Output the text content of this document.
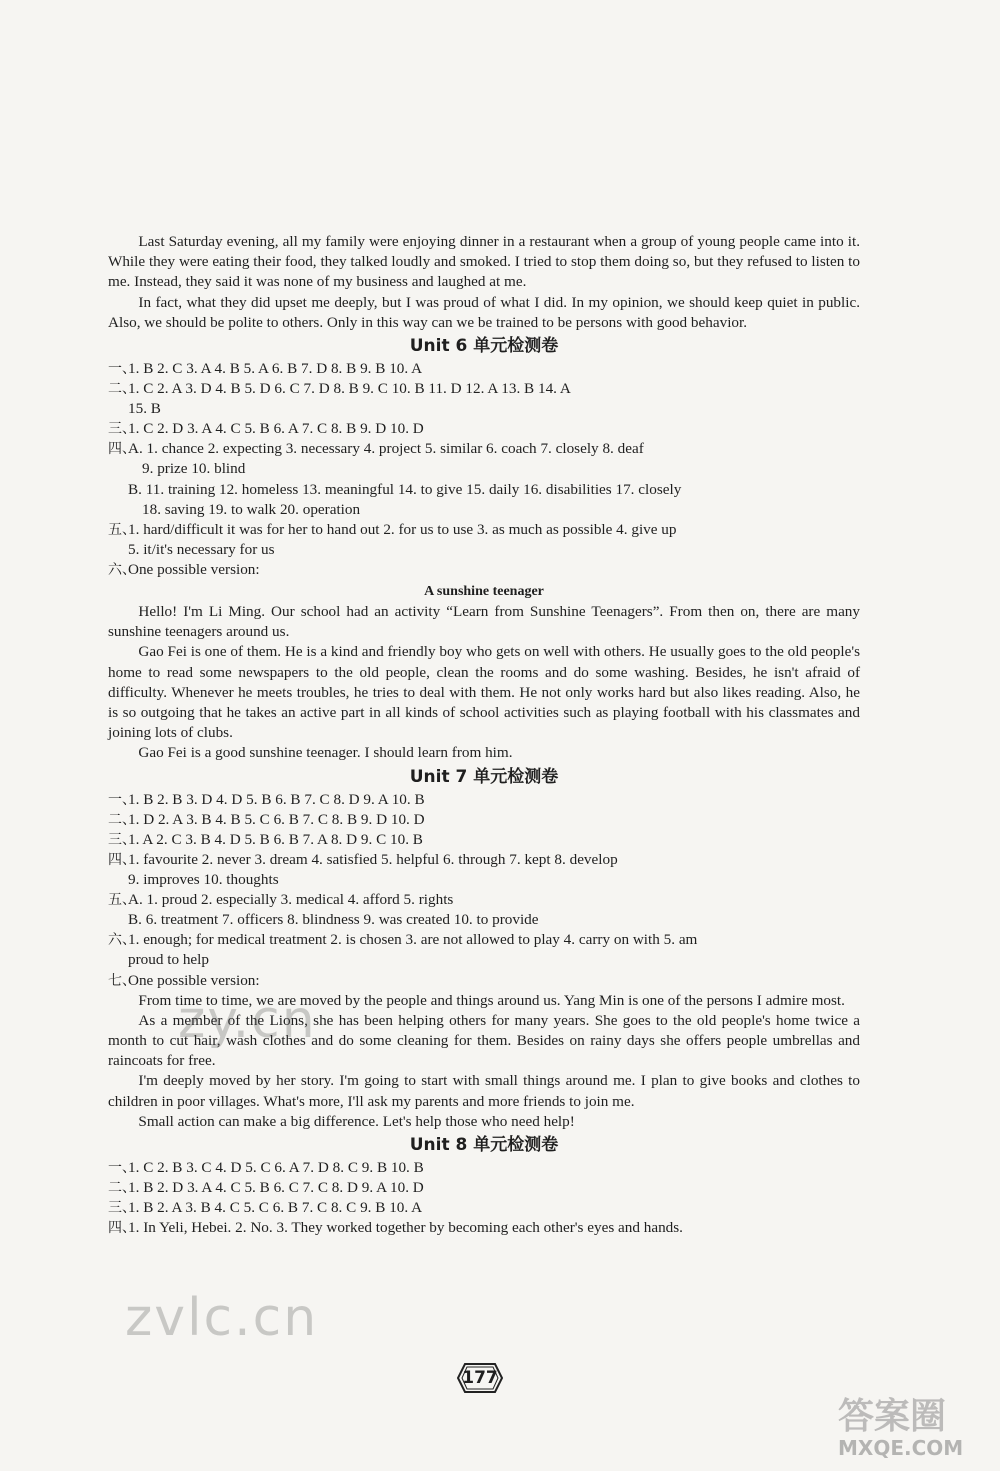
Last Saturday evening, all my family were enjoying dinner in a restaurant when a group of young people came into it. While they were eating their food, they talked loudly and smoked. I tried to stop them doing so, but they refused to listen to me. Instead, they said it was none of my business and laughed at me.

In fact, what they did upset me deeply, but I was proud of what I did. In my opinion, we should keep quiet in public. Also, we should be polite to others. Only in this way can we be trained to be persons with good behavior.

Unit 6 单元检测卷
一、
1. B 2. C 3. A 4. B 5. A 6. B 7. D 8. B 9. B 10. A
二、
1. C 2. A 3. D 4. B 5. D 6. C 7. D 8. B 9. C 10. B 11. D 12. A 13. B 14. A
15. B
三、
1. C 2. D 3. A 4. C 5. B 6. A 7. C 8. B 9. D 10. D
四、
A. 1. chance 2. expecting 3. necessary 4. project 5. similar 6. coach 7. closely 8. deaf
9. prize 10. blind
B. 11. training 12. homeless 13. meaningful 14. to give 15. daily 16. disabilities 17. closely
18. saving 19. to walk 20. operation
五、
1. hard/difficult it was for her to hand out 2. for us to use 3. as much as possible 4. give up
5. it/it's necessary for us
六、
One possible version:
A sunshine teenager

Hello! I'm Li Ming. Our school had an activity “Learn from Sunshine Teenagers”. From then on, there are many sunshine teenagers around us.

Gao Fei is one of them. He is a kind and friendly boy who gets on well with others. He usually goes to the old people's home to read some newspapers to the old people, clean the rooms and do some washing. Besides, he isn't afraid of difficulty. Whenever he meets troubles, he tries to deal with them. He not only works hard but also likes reading. Also, he is so outgoing that he takes an active part in all kinds of school activities such as playing football with his classmates and joining lots of clubs.

Gao Fei is a good sunshine teenager. I should learn from him.

Unit 7 单元检测卷
一、
1. B 2. B 3. D 4. D 5. B 6. B 7. C 8. D 9. A 10. B
二、
1. D 2. A 3. B 4. B 5. C 6. B 7. C 8. B 9. D 10. D
三、
1. A 2. C 3. B 4. D 5. B 6. B 7. A 8. D 9. C 10. B
四、
1. favourite 2. never 3. dream 4. satisfied 5. helpful 6. through 7. kept 8. develop
9. improves 10. thoughts
五、
A. 1. proud 2. especially 3. medical 4. afford 5. rights
B. 6. treatment 7. officers 8. blindness 9. was created 10. to provide
六、
1. enough; for medical treatment 2. is chosen 3. are not allowed to play 4. carry on with 5. am
proud to help
七、
One possible version:

From time to time, we are moved by the people and things around us. Yang Min is one of the persons I admire most.

As a member of the Lions, she has been helping others for many years. She goes to the old people's home twice a month to cut hair, wash clothes and do some cleaning for them. Besides on rainy days she offers people umbrellas and raincoats for free.

I'm deeply moved by her story. I'm going to start with small things around me. I plan to give books and clothes to children in poor villages. What's more, I'll ask my parents and more friends to join me.

Small action can make a big difference. Let's help those who need help!

Unit 8 单元检测卷
一、
1. C 2. B 3. C 4. D 5. C 6. A 7. D 8. C 9. B 10. B
二、
1. B 2. D 3. A 4. C 5. B 6. C 7. C 8. D 9. A 10. D
三、
1. B 2. A 3. B 4. C 5. C 6. B 7. C 8. C 9. B 10. A
四、
1. In Yeli, Hebei. 2. No. 3. They worked together by becoming each other's eyes and hands.
zy.cn
zvlc.cn
177
答案圈
MXQE.COM
